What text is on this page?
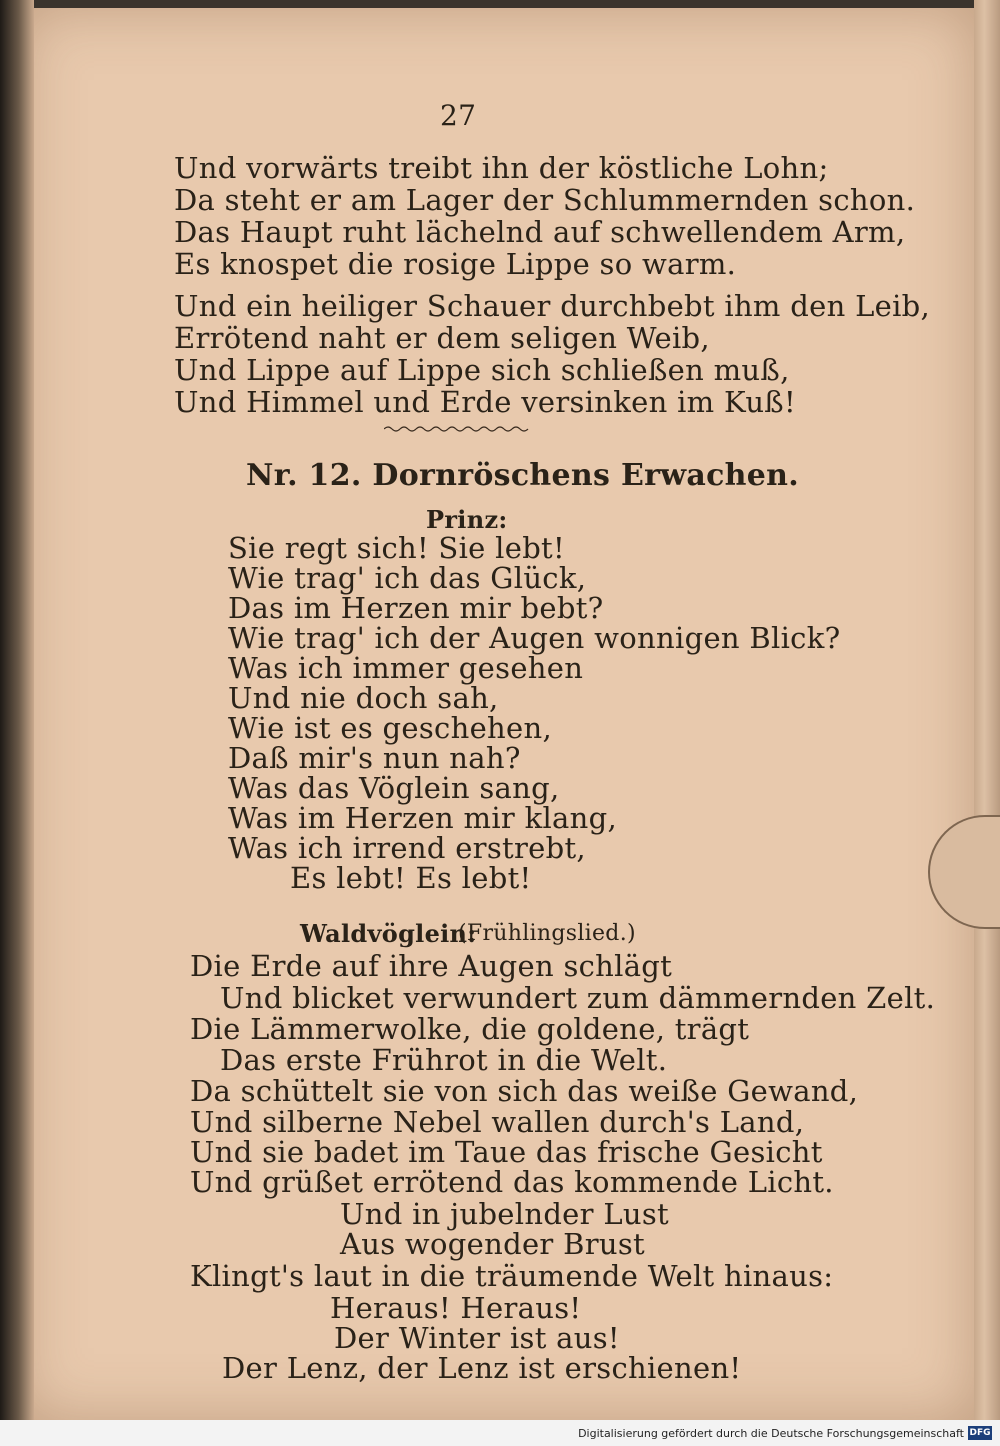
27
Und vorwärts treibt ihn der köstliche Lohn;
Da steht er am Lager der Schlummernden schon.
Das Haupt ruht lächelnd auf schwellendem Arm,
Es knospet die rosige Lippe so warm.
Und ein heiliger Schauer durchbebt ihm den Leib,
Errötend naht er dem seligen Weib,
Und Lippe auf Lippe sich schließen muß,
Und Himmel und Erde versinken im Kuß!
Nr. 12. Dornröschens Erwachen.
Prinz:
Sie regt sich! Sie lebt!
Wie trag' ich das Glück,
Das im Herzen mir bebt?
Wie trag' ich der Augen wonnigen Blick?
Was ich immer gesehen
Und nie doch sah,
Wie ist es geschehen,
Daß mir's nun nah?
Was das Vöglein sang,
Was im Herzen mir klang,
Was ich irrend erstrebt,
Es lebt! Es lebt!
Waldvöglein:
(Frühlingslied.)
Die Erde auf ihre Augen schlägt
Und blicket verwundert zum dämmernden Zelt.
Die Lämmerwolke, die goldene, trägt
Das erste Frührot in die Welt.
Da schüttelt sie von sich das weiße Gewand,
Und silberne Nebel wallen durch's Land,
Und sie badet im Taue das frische Gesicht
Und grüßet errötend das kommende Licht.
Und in jubelnder Lust
Aus wogender Brust
Klingt's laut in die träumende Welt hinaus:
Heraus! Heraus!
Der Winter ist aus!
Der Lenz, der Lenz ist erschienen!
Digitalisierung gefördert durch die Deutsche Forschungsgemeinschaft DFG
